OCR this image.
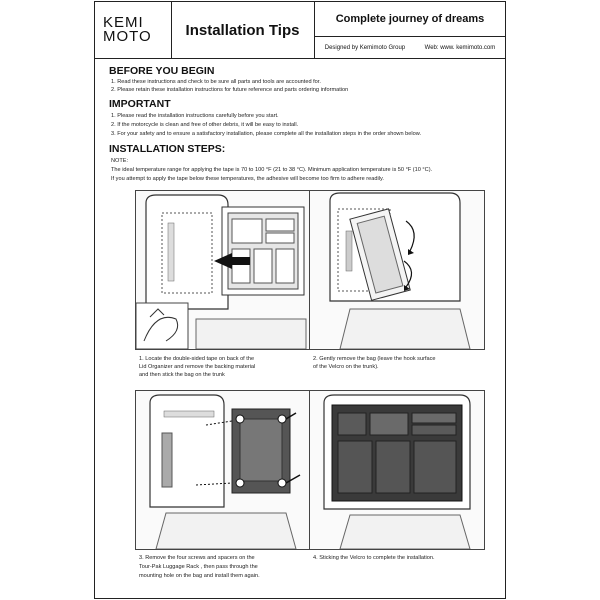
KEMI
MOTO	Installation Tips
Complete journey of dreams
Designed by Kemimoto Group	Web: www. kemimoto.com
BEFORE YOU BEGIN
1. Read these instructions and check to be sure all parts and tools are accounted for.
2. Please retain these installation instructions for future reference and parts ordering information
IMPORTANT
1. Please read the installation instructions carefully before you start.
2. If the motorcycle is clean and free of other debris, it will be easy to install.
3. For your safety and to ensure a satisfactory installation, please complete all the installation steps in the order shown below.
INSTALLATION STEPS:
NOTE:
The ideal temperature range for applying the tape is 70 to 100 °F (21 to 38 °C). Minimum application temperature is 50 °F (10 °C).
If you attempt to apply the tape below these temperatures, the adhesive will become too firm to adhere readily.
1. Locate the double-sided tape on back of the
Lid Organizer and remove the backing material
and then stick the bag on the trunk
2. Gently remove the bag (leave the hook surface
of the Velcro on the trunk).
3. Remove the four screws and spacers on the
Tour-Pak Luggage Rack , then pass through the
mounting hole on the bag and install them again.
4. Sticking the Velcro to complete the installation.
